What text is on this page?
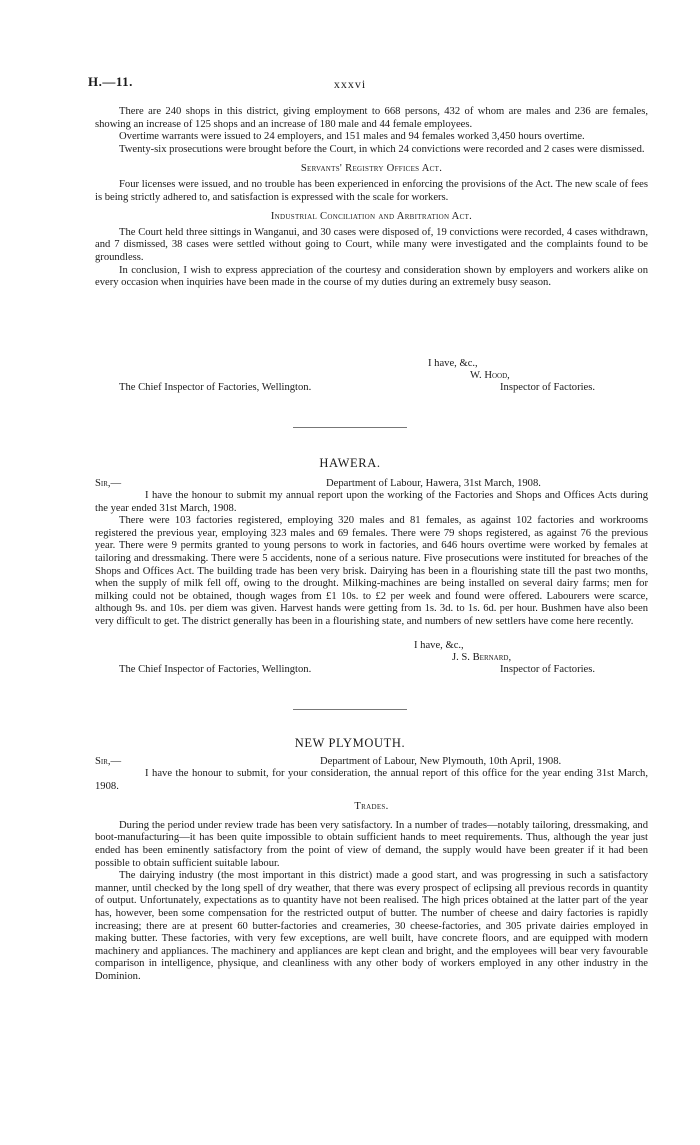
H.—11.	xxxvi

There are 240 shops in this district, giving employment to 668 persons, 432 of whom are males and 236 are females, showing an increase of 125 shops and an increase of 180 male and 44 female employees.

Overtime warrants were issued to 24 employers, and 151 males and 94 females worked 3,450 hours overtime.

Twenty-six prosecutions were brought before the Court, in which 24 convictions were recorded and 2 cases were dismissed.

Servants' Registry Offices Act.

Four licenses were issued, and no trouble has been experienced in enforcing the provisions of the Act. The new scale of fees is being strictly adhered to, and satisfaction is expressed with the scale for workers.

Industrial Conciliation and Arbitration Act.

The Court held three sittings in Wanganui, and 30 cases were disposed of, 19 convictions were recorded, 4 cases withdrawn, and 7 dismissed, 38 cases were settled without going to Court, while many were investigated and the complaints found to be groundless.

In conclusion, I wish to express appreciation of the courtesy and consideration shown by employers and workers alike on every occasion when inquiries have been made in the course of my duties during an extremely busy season.

I have, &c.,
W. Hood,
The Chief Inspector of Factories, Wellington.	Inspector of Factories.
HAWERA.
Sir,—	Department of Labour, Hawera, 31st March, 1908.

I have the honour to submit my annual report upon the working of the Factories and Shops and Offices Acts during the year ended 31st March, 1908.

There were 103 factories registered, employing 320 males and 81 females, as against 102 factories and workrooms registered the previous year, employing 323 males and 69 females. There were 79 shops registered, as against 76 the previous year. There were 9 permits granted to young persons to work in factories, and 646 hours overtime were worked by females at tailoring and dressmaking. There were 5 accidents, none of a serious nature. Five prosecutions were instituted for breaches of the Shops and Offices Act. The building trade has been very brisk. Dairying has been in a flourishing state till the past two months, when the supply of milk fell off, owing to the drought. Milking-machines are being installed on several dairy farms; men for milking could not be obtained, though wages from £1 10s. to £2 per week and found were offered. Labourers were scarce, although 9s. and 10s. per diem was given. Harvest hands were getting from 1s. 3d. to 1s. 6d. per hour. Bushmen have also been very difficult to get. The district generally has been in a flourishing state, and numbers of new settlers have come here recently.

I have, &c.,
J. S. Bernard,
The Chief Inspector of Factories, Wellington.	Inspector of Factories.
NEW PLYMOUTH.
Sir,—	Department of Labour, New Plymouth, 10th April, 1908.

I have the honour to submit, for your consideration, the annual report of this office for the year ending 31st March, 1908.

Trades.

During the period under review trade has been very satisfactory. In a number of trades—notably tailoring, dressmaking, and boot-manufacturing—it has been quite impossible to obtain sufficient hands to meet requirements. Thus, although the year just ended has been eminently satisfactory from the point of view of demand, the supply would have been greater if it had been possible to obtain sufficient suitable labour.

The dairying industry (the most important in this district) made a good start, and was progressing in such a satisfactory manner, until checked by the long spell of dry weather, that there was every prospect of eclipsing all previous records in quantity of output. Unfortunately, expectations as to quantity have not been realised. The high prices obtained at the latter part of the year has, however, been some compensation for the restricted output of butter. The number of cheese and dairy factories is rapidly increasing; there are at present 60 butter-factories and creameries, 30 cheese-factories, and 305 private dairies employed in making butter. These factories, with very few exceptions, are well built, have concrete floors, and are equipped with modern machinery and appliances. The machinery and appliances are kept clean and bright, and the employees will bear very favourable comparison in intelligence, physique, and cleanliness with any other body of workers employed in any other industry in the Dominion.
